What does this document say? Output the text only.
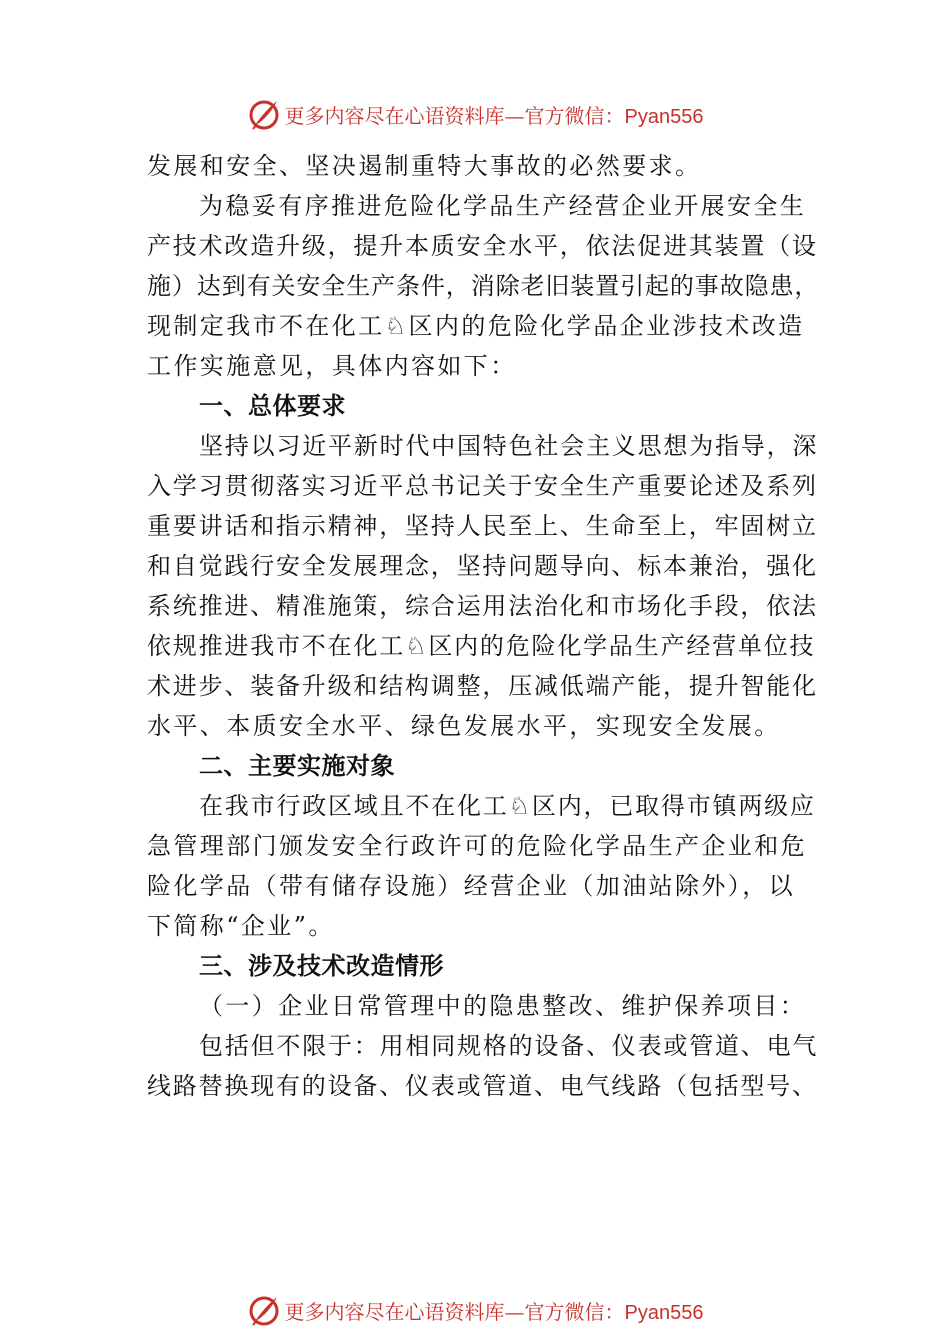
更多内容尽在心语资料库—官方微信：Pyan556
发展和安全、坚决遏制重特大事故的必然要求。
为稳妥有序推进危险化学品生产经营企业开展安全生
产技术改造升级，提升本质安全水平，依法促进其装置（设
施）达到有关安全生产条件，消除老旧装置引起的事故隐患，
现制定我市不在化工♘区内的危险化学品企业涉技术改造
工作实施意见，具体内容如下：
一、总体要求
坚持以习近平新时代中国特色社会主义思想为指导，深
入学习贯彻落实习近平总书记关于安全生产重要论述及系列
重要讲话和指示精神，坚持人民至上、生命至上，牢固树立
和自觉践行安全发展理念，坚持问题导向、标本兼治，强化
系统推进、精准施策，综合运用法治化和市场化手段，依法
依规推进我市不在化工♘区内的危险化学品生产经营单位技
术进步、装备升级和结构调整，压减低端产能，提升智能化
水平、本质安全水平、绿色发展水平，实现安全发展。
二、主要实施对象
在我市行政区域且不在化工♘区内，已取得市镇两级应
急管理部门颁发安全行政许可的危险化学品生产企业和危
险化学品（带有储存设施）经营企业（加油站除外），以
下简称“企业”。
三、涉及技术改造情形
（一）企业日常管理中的隐患整改、维护保养项目：
包括但不限于：用相同规格的设备、仪表或管道、电气
线路替换现有的设备、仪表或管道、电气线路（包括型号、
更多内容尽在心语资料库—官方微信：Pyan556
